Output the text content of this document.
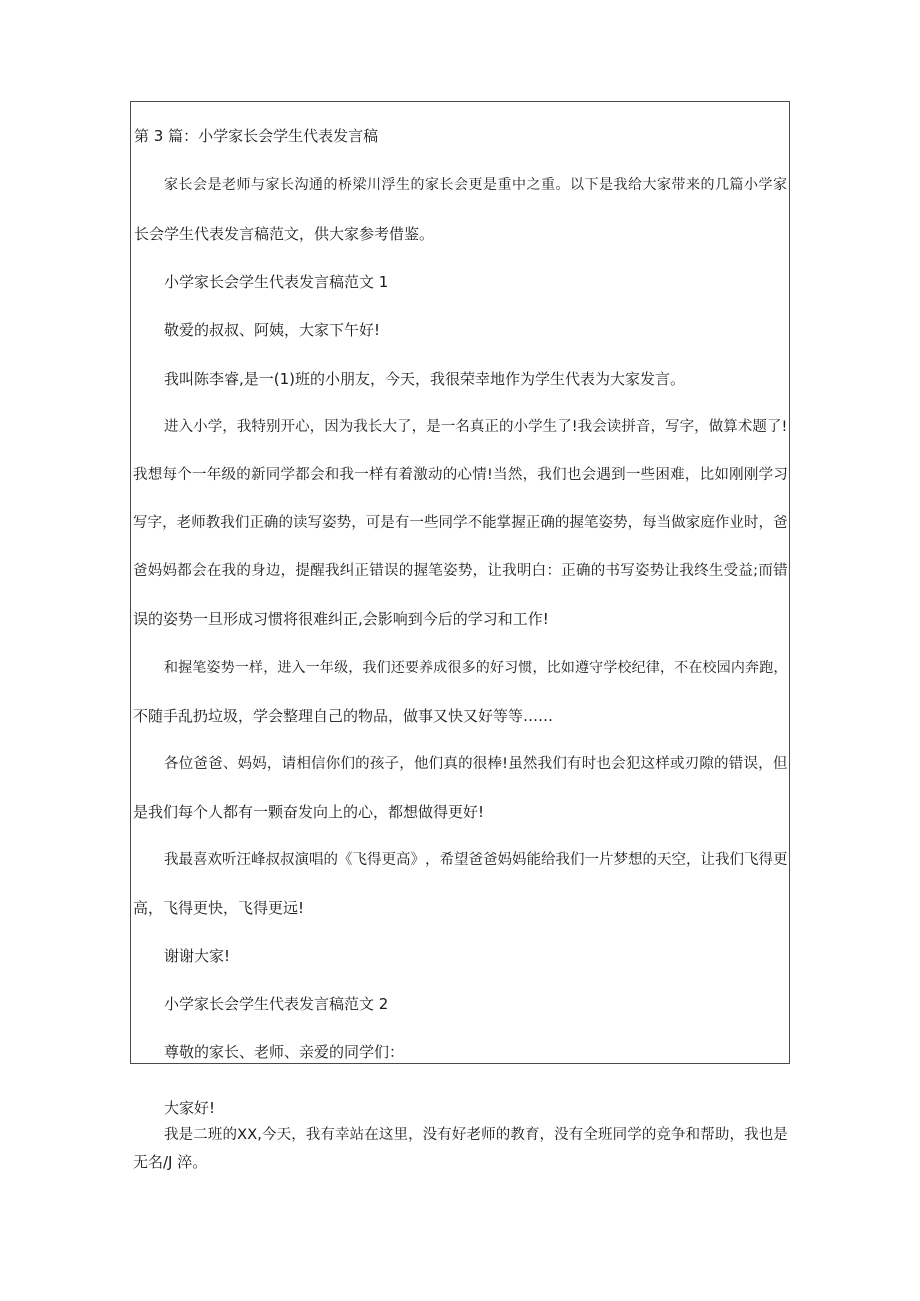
第 3 篇：小学家长会学生代表发言稿
家 长 会 是 老 师 与 家 长 沟 通 的 桥 梁 川 浮 生 的 家 长 会 更 是 重 中 之 重 。 以 下 是 我 给 大 家 带 来 的 几 篇 小 学 家
长会学生代表发言稿范文，供大家参考借鉴。
小学家长会学生代表发言稿范文 1
敬爱的叔叔、阿姨，大家下午好!
我叫陈李睿,是一(1)班的小朋友，今天，我很荣幸地作为学生代表为大家发言。
进 入 小 学 ， 我 特 别 开 心 ， 因 为 我 长 大 了 ， 是 一 名 真 正 的 小 学 生 了 ! 我 会 读 拼 音 ， 写 字 ， 做 算 术 题 了 !
我 想 每 个 一 年 级 的 新 同 学 都 会 和 我 一 样 有 着 激 动 的 心 情 ! 当 然 ， 我 们 也 会 遇 到 一 些 困 难 ， 比 如 刚 刚 学 习
写 字 ， 老 师 教 我 们 正 确 的 读 写 姿 势 ， 可 是 有 一 些 同 学 不 能 掌 握 正 确 的 握 笔 姿 势 ， 每 当 做 家 庭 作 业 时 ， 爸
爸 妈 妈 都 会 在 我 的 身 边 ， 提 醒 我 纠 正 错 误 的 握 笔 姿 势 ， 让 我 明 白 ： 正 确 的 书 写 姿 势 让 我 终 生 受 益 ; 而 错
误的姿势一旦形成习惯将很难纠正,会影响到今后的学习和工作!
和 握 笔 姿 势 一 样 ， 进 入 一 年 级 ， 我 们 还 要 养 成 很 多 的 好 习 惯 ， 比 如 遵 守 学 校 纪 律 ， 不 在 校 园 内 奔 跑 ，
不随手乱扔垃圾，学会整理自己的物品，做事又快又好等等……
各 位 爸 爸 、 妈 妈 ， 请 相 信 你 们 的 孩 子 ， 他 们 真 的 很 棒 ! 虽 然 我 们 有 时 也 会 犯 这 样 或 刃 隙 的 错 误 ， 但
是我们每个人都有一颗奋发向上的心，都想做得更好!
我 最 喜 欢 听 汪 峰 叔 叔 演 唱 的 《 飞 得 更 高 》 ， 希 望 爸 爸 妈 妈 能 给 我 们 一 片 梦 想 的 天 空 ， 让 我 们 飞 得 更
高，飞得更快，飞得更远!
谢谢大家!
小学家长会学生代表发言稿范文 2
尊敬的家长、老师、亲爱的同学们：
大家好!
我 是 二 班 的 X X , 今 天 ， 我 有 幸 站 在 这 里 ， 没 有 好 老 师 的 教 育 ， 没 有 全 班 同 学 的 竞 争 和 帮 助 ， 我 也 是
无名/J 淬。
